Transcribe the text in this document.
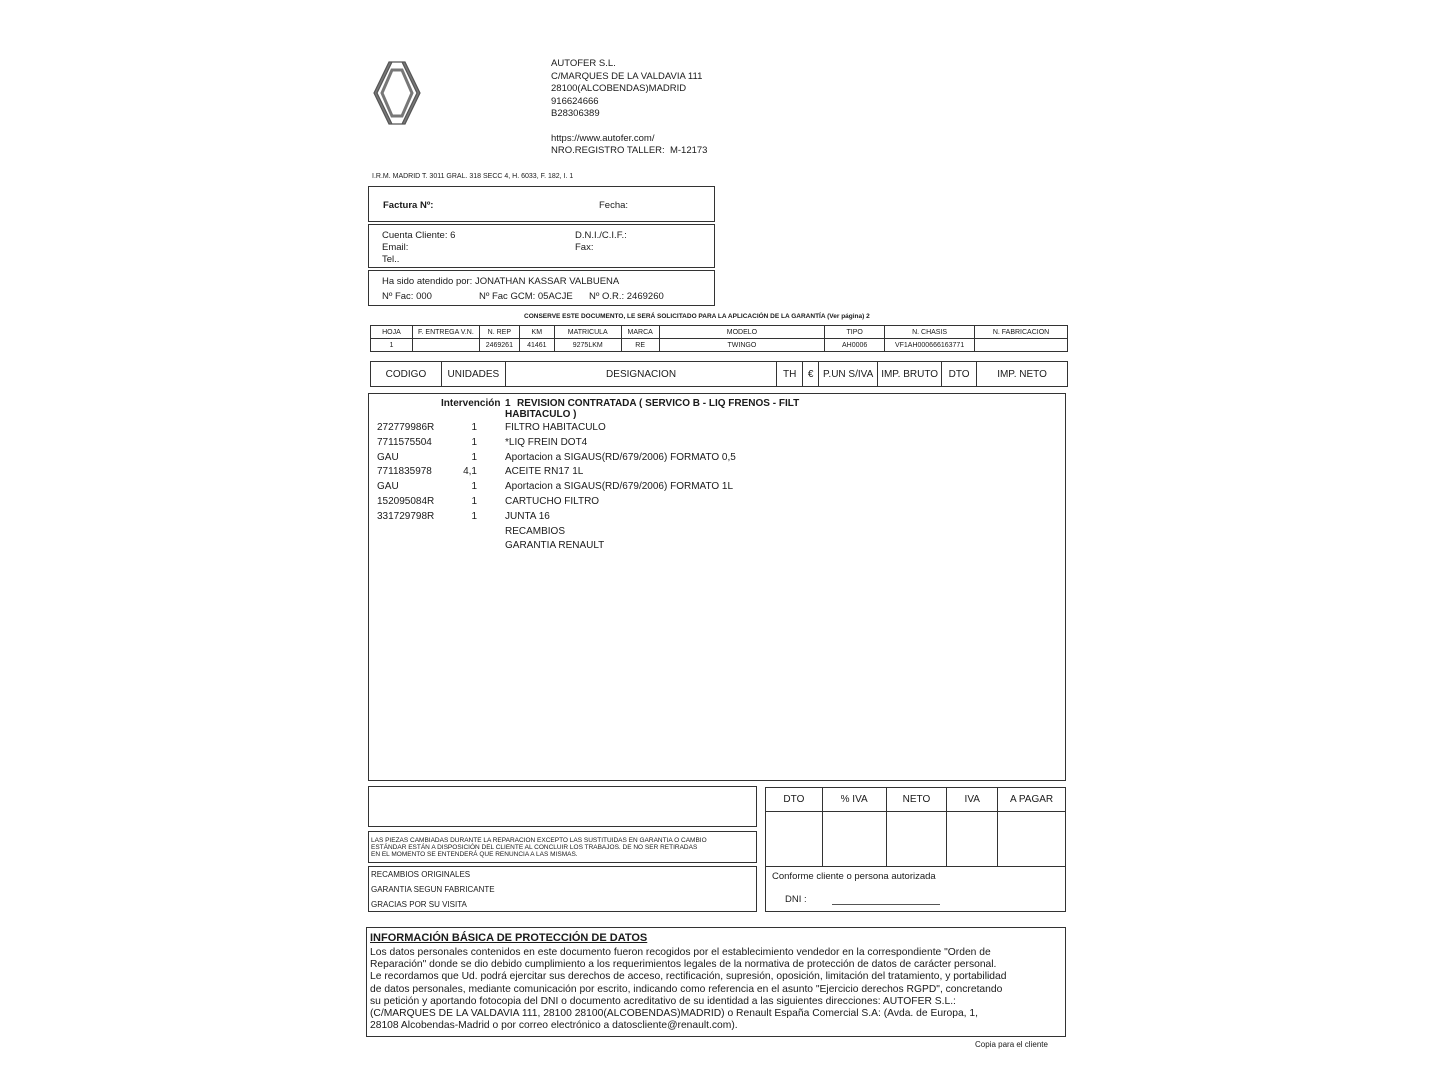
AUTOFER S.L.
C/MARQUES DE LA VALDAVIA 111
28100(ALCOBENDAS)MADRID
916624666
B28306389
https://www.autofer.com/
NRO.REGISTRO TALLER: M-12173
I.R.M. MADRID T. 3011 GRAL. 318 SECC 4, H. 6033, F. 182, I. 1
Factura Nº:	Fecha:
Cuenta Cliente: 6	D.N.I./C.I.F.:
Email:	Fax:
Tel..
Ha sido atendido por: JONATHAN KASSAR VALBUENA
Nº Fac: 000	Nº Fac GCM: 05ACJE Nº O.R.: 2469260
CONSERVE ESTE DOCUMENTO, LE SERÁ SOLICITADO PARA LA APLICACIÓN DE LA GARANTÍA (Ver página) 2
HOJA	F. ENTREGA V.N.	N. REP	KM	MATRICULA	MARCA	MODELO	TIPO	N. CHASIS	N. FABRICACION
1		2469261	41461	9275LKM	RE	TWINGO	AH0006	VF1AH000666163771	
CODIGO	UNIDADES	DESIGNACION	TH	€	P.UN S/IVA	IMP. BRUTO	DTO	IMP. NETO
Intervención 1 REVISION CONTRATADA ( SERVICO B - LIQ FRENOS - FILT
HABITACULO )
272779986R	1	FILTRO HABITACULO
7711575504	1	*LIQ FREIN DOT4
GAU	1	Aportacion a SIGAUS(RD/679/2006) FORMATO 0,5
7711835978	4,1	ACEITE RN17 1L
GAU	1	Aportacion a SIGAUS(RD/679/2006) FORMATO 1L
152095084R	1	CARTUCHO FILTRO
331729798R	1	JUNTA 16
RECAMBIOS
GARANTIA RENAULT
LAS PIEZAS CAMBIADAS DURANTE LA REPARACION EXCEPTO LAS SUSTITUIDAS EN GARANTIA O CAMBIO
ESTÁNDAR ESTÁN A DISPOSICIÓN DEL CLIENTE AL CONCLUIR LOS TRABAJOS. DE NO SER RETIRADAS
EN EL MOMENTO SE ENTENDERÁ QUE RENUNCIA A LAS MISMAS.
RECAMBIOS ORIGINALES
GARANTIA SEGUN FABRICANTE
GRACIAS POR SU VISITA
DTO	% IVA	NETO	IVA	A PAGAR

Conforme cliente o persona autorizada
DNI :
INFORMACIÓN BÁSICA DE PROTECCIÓN DE DATOS
Los datos personales contenidos en este documento fueron recogidos por el establecimiento vendedor en la correspondiente "Orden de
Reparación" donde se dio debido cumplimiento a los requerimientos legales de la normativa de protección de datos de carácter personal.
Le recordamos que Ud. podrá ejercitar sus derechos de acceso, rectificación, supresión, oposición, limitación del tratamiento, y portabilidad
de datos personales, mediante comunicación por escrito, indicando como referencia en el asunto "Ejercicio derechos RGPD", concretando
su petición y aportando fotocopia del DNI o documento acreditativo de su identidad a las siguientes direcciones: AUTOFER S.L.:
(C/MARQUES DE LA VALDAVIA 111, 28100 28100(ALCOBENDAS)MADRID) o Renault España Comercial S.A: (Avda. de Europa, 1,
28108 Alcobendas-Madrid o por correo electrónico a datoscliente@renault.com).
Copia para el cliente
